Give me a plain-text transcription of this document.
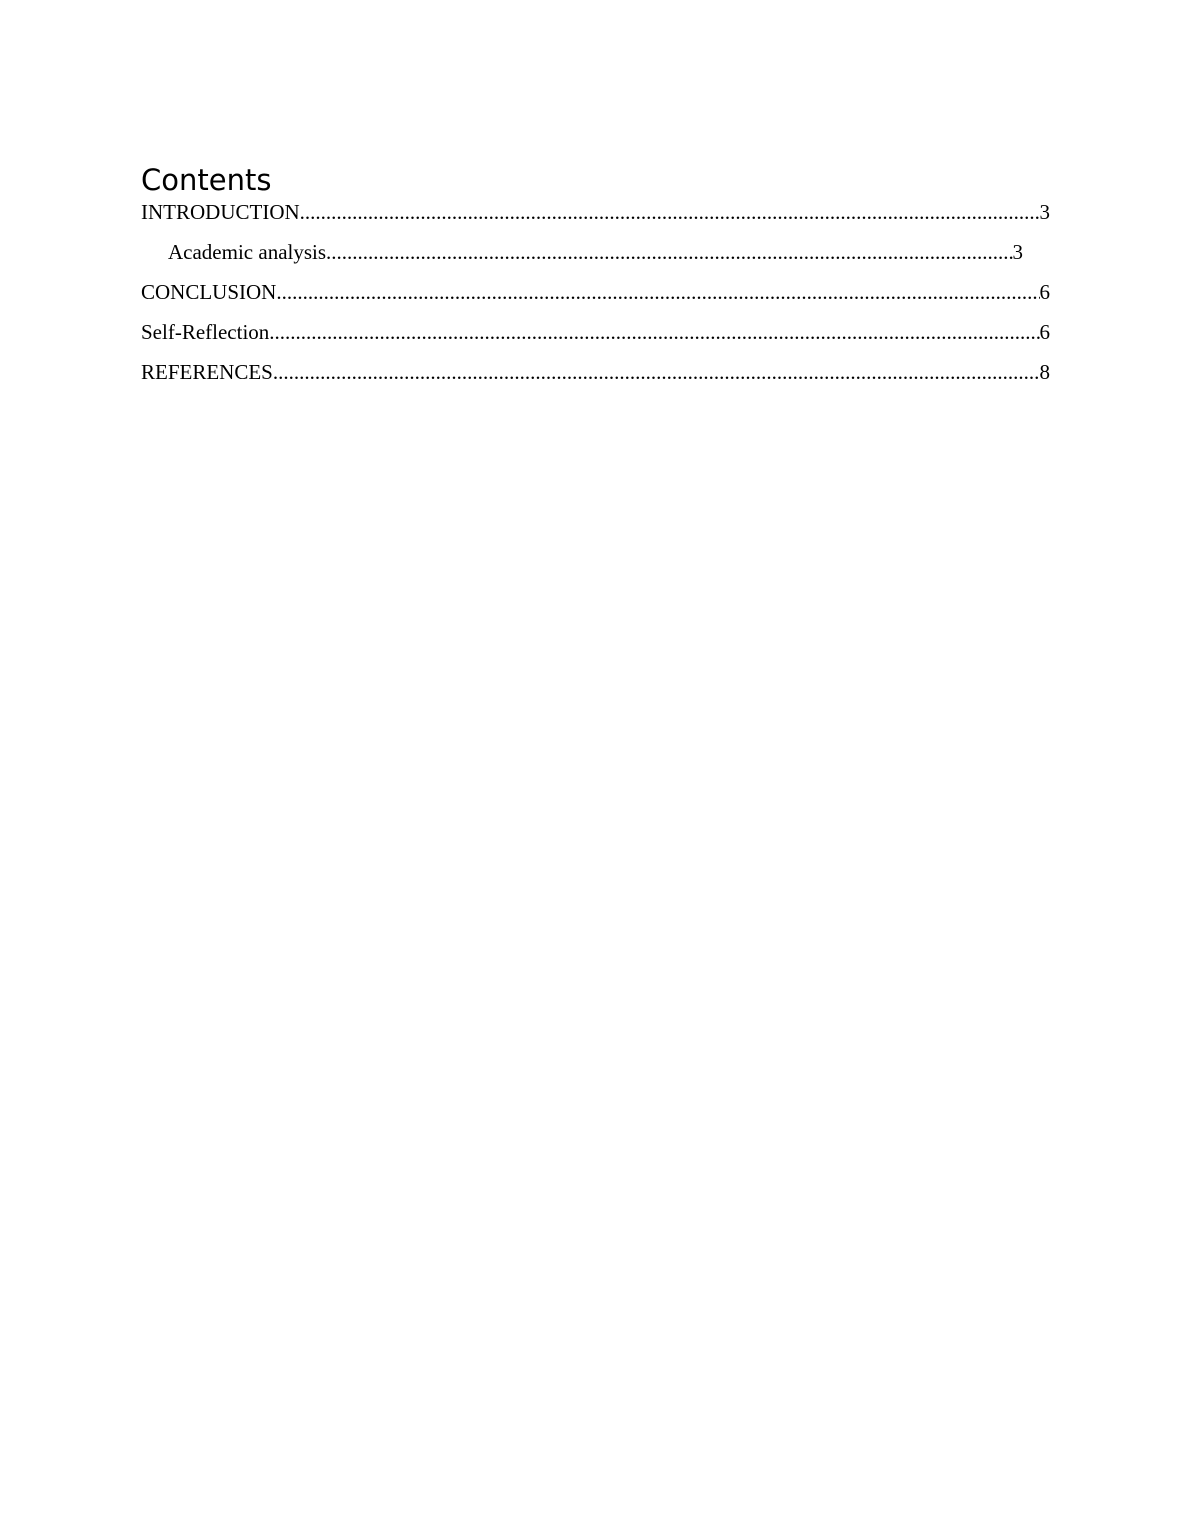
Contents
INTRODUCTION .....	3
Academic analysis .....	3
CONCLUSION .....	6
Self-Reflection .....	6
REFERENCES .....	8
